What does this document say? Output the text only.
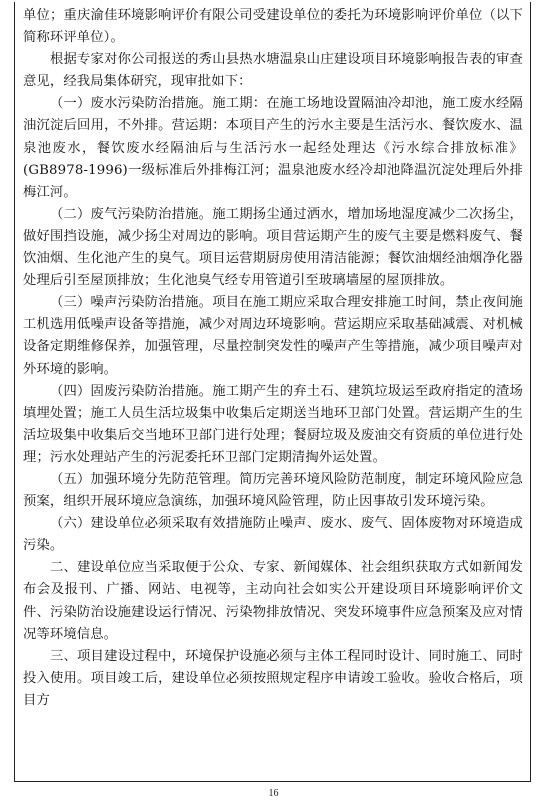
单位；重庆渝佳环境影响评价有限公司受建设单位的委托为环境影响评价单位（以下简称环评单位）。

根据专家对你公司报送的秀山县热水塘温泉山庄建设项目环境影响报告表的审查意见，经我局集体研究，现审批如下：

（一）废水污染防治措施。施工期：在施工场地设置隔油冷却池，施工废水经隔油沉淀后回用，不外排。营运期：本项目产生的污水主要是生活污水、餐饮废水、温泉池废水，餐饮废水经隔油后与生活污水一起经处理达《污水综合排放标准》(GB8978-1996)一级标准后外排梅江河；温泉池废水经冷却池降温沉淀处理后外排梅江河。

（二）废气污染防治措施。施工期扬尘通过洒水，增加场地湿度减少二次扬尘，做好围挡设施，减少扬尘对周边的影响。项目营运期产生的废气主要是燃料废气、餐饮油烟、生化池产生的臭气。项目运营期厨房使用清洁能源；餐饮油烟经油烟净化器处理后引至屋顶排放；生化池臭气经专用管道引至玻璃墙屋的屋顶排放。

（三）噪声污染防治措施。项目在施工期应采取合理安排施工时间，禁止夜间施工机选用低噪声设备等措施，减少对周边环境影响。营运期应采取基础减震、对机械设备定期维修保养，加强管理，尽量控制突发性的噪声产生等措施，减少项目噪声对外环境的影响。

（四）固废污染防治措施。施工期产生的弃土石、建筑垃圾运至政府指定的渣场填埋处置；施工人员生活垃圾集中收集后定期送当地环卫部门处置。营运期产生的生活垃圾集中收集后交当地环卫部门进行处理；餐厨垃圾及废油交有资质的单位进行处理；污水处理站产生的污泥委托环卫部门定期清掏外运处置。

（五）加强环境分先防范管理。简历完善环境风险防范制度，制定环境风险应急预案，组织开展环境应急演练，加强环境风险管理，防止因事故引发环境污染。

（六）建设单位必须采取有效措施防止噪声、废水、废气、固体废物对环境造成污染。

二、建设单位应当采取便于公众、专家、新闻媒体、社会组织获取方式如新闻发布会及报刊、广播、网站、电视等，主动向社会如实公开建设项目环境影响评价文件、污染防治设施建设运行情况、污染物排放情况、突发环境事件应急预案及应对情况等环境信息。

三、项目建设过程中，环境保护设施必须与主体工程同时设计、同时施工、同时投入使用。项目竣工后，建设单位必须按照规定程序申请竣工验收。验收合格后，项目方

16
